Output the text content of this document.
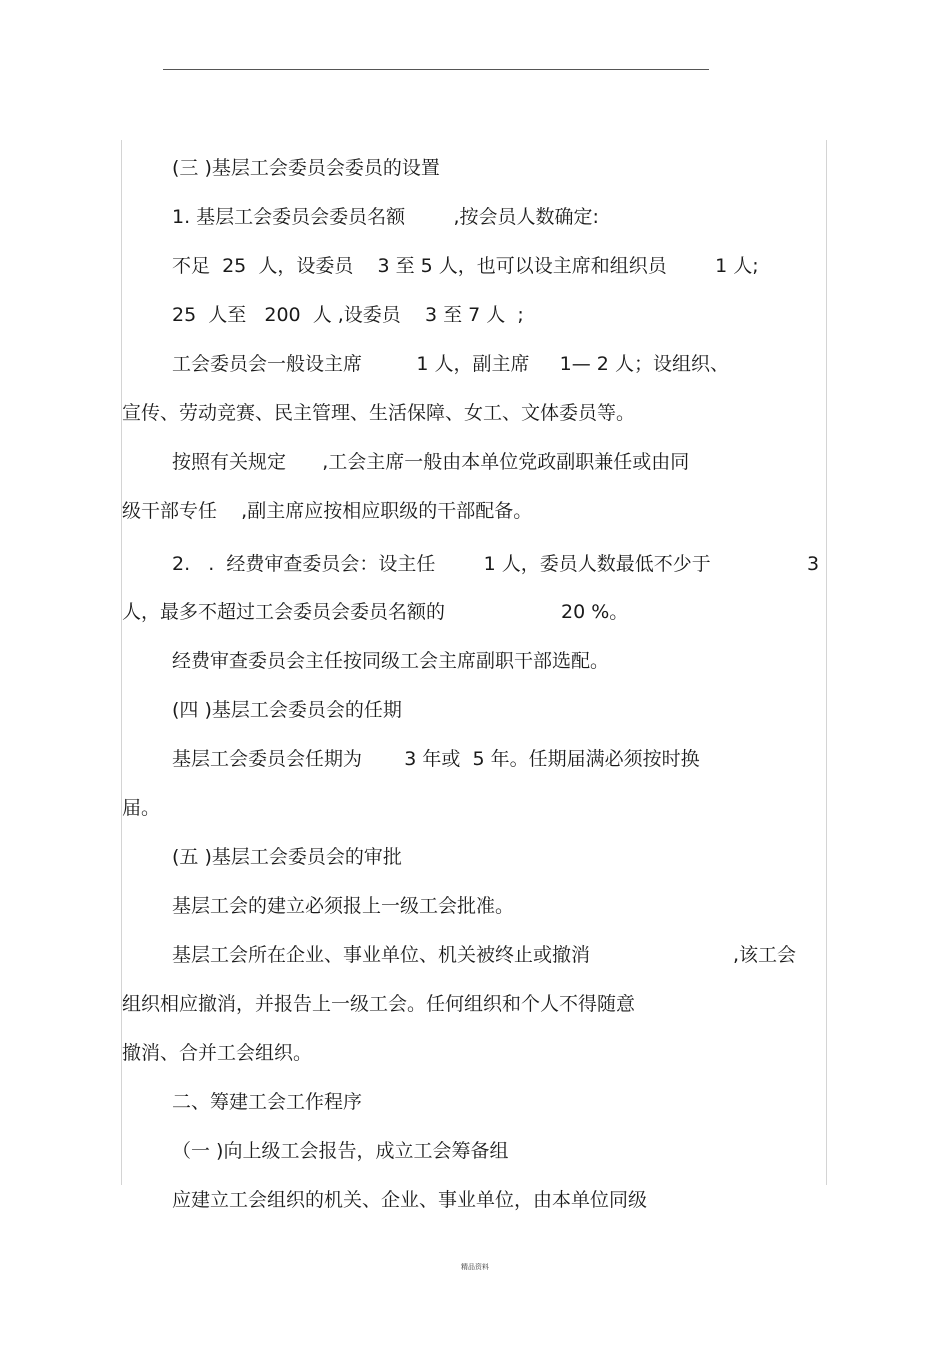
(三 )基层工会委员会委员的设置
1. 基层工会委员会委员名额        ,按会员人数确定:
不足  25  人，设委员    3 至 5 人，也可以设主席和组织员        1 人;
25  人至   200  人 ,设委员    3 至 7 人  ;
工会委员会一般设主席         1 人，副主席     1— 2 人；设组织、
宣传、劳动竞赛、民主管理、生活保障、女工、文体委员等。
按照有关规定      ,工会主席一般由本单位党政副职兼任或由同
级干部专任    ,副主席应按相应职级的干部配备。
2.   .  经费审查委员会：设主任        1 人，委员人数最低不少于	3
人，最多不超过工会委员会委员名额的	20 %。
经费审查委员会主任按同级工会主席副职干部选配。
(四 )基层工会委员会的任期
基层工会委员会任期为       3 年或  5 年。任期届满必须按时换
届。
(五 )基层工会委员会的审批
基层工会的建立必须报上一级工会批准。
基层工会所在企业、事业单位、机关被终止或撤消	,该工会
组织相应撤消，并报告上一级工会。任何组织和个人不得随意
撤消、合并工会组织。
二、筹建工会工作程序
（一 )向上级工会报告，成立工会筹备组
应建立工会组织的机关、企业、事业单位，由本单位同级
精品资料
